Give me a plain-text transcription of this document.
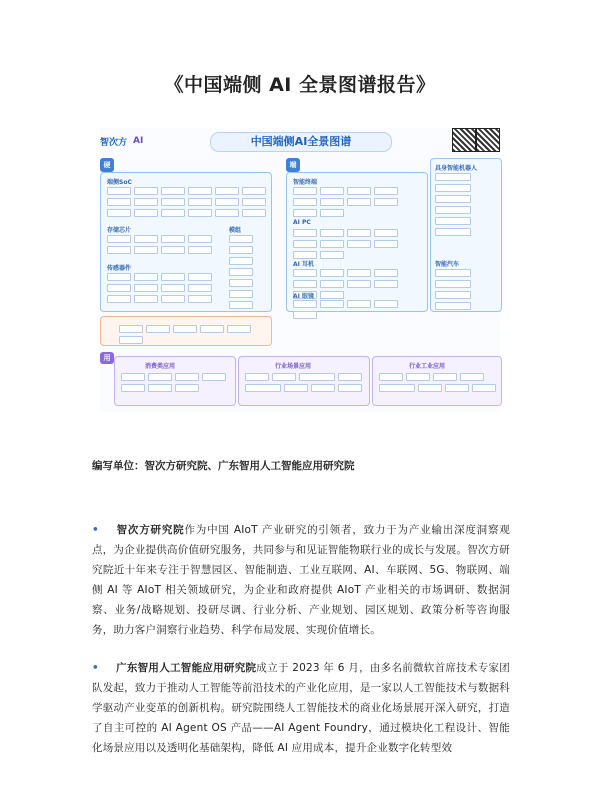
《中国端侧 AI 全景图谱报告》
智次方 AI	中国端侧AI全景图谱
硬
端侧SoC
存储芯片
传感器件
模组
端
智能终端
AI PC
AI 耳机
AI 眼镜
具身智能机器人
智能汽车
用
消费类应用	行业场景应用	行业工业应用
编写单位：智次方研究院、广东智用人工智能应用研究院
• 智次方研究院作为中国 AIoT 产业研究的引领者，致力于为产业输出深度洞察观点，为企业提供高价值研究服务，共同参与和见证智能物联行业的成长与发展。智次方研究院近十年来专注于智慧园区、智能制造、工业互联网、AI、车联网、5G、物联网、端侧 AI 等 AIoT 相关领域研究，为企业和政府提供 AIoT 产业相关的市场调研、数据洞察、业务/战略规划、投研尽调、行业分析、产业规划、园区规划、政策分析等咨询服务，助力客户洞察行业趋势、科学布局发展、实现价值增长。
• 广东智用人工智能应用研究院成立于 2023 年 6 月，由多名前微软首席技术专家团队发起，致力于推动人工智能等前沿技术的产业化应用，是一家以人工智能技术与数据科学驱动产业变革的创新机构。研究院围绕人工智能技术的商业化场景展开深入研究，打造了自主可控的 AI Agent OS 产品——AI Agent Foundry，通过模块化工程设计、智能化场景应用以及透明化基础架构，降低 AI 应用成本，提升企业数字化转型效
